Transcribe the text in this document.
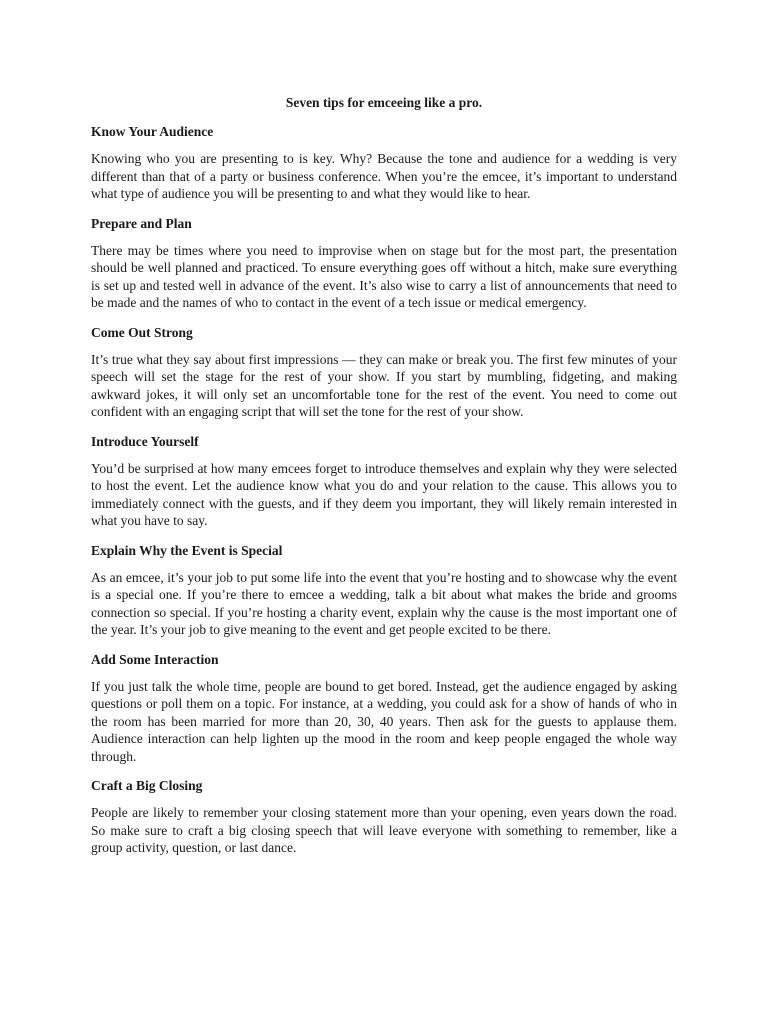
Seven tips for emceeing like a pro.
Know Your Audience

Knowing who you are presenting to is key. Why? Because the tone and audience for a wedding is very different than that of a party or business conference. When you’re the emcee, it’s important to understand what type of audience you will be presenting to and what they would like to hear.

Prepare and Plan

There may be times where you need to improvise when on stage but for the most part, the presentation should be well planned and practiced. To ensure everything goes off without a hitch, make sure everything is set up and tested well in advance of the event. It’s also wise to carry a list of announcements that need to be made and the names of who to contact in the event of a tech issue or medical emergency.

Come Out Strong

It’s true what they say about first impressions — they can make or break you. The first few minutes of your speech will set the stage for the rest of your show. If you start by mumbling, fidgeting, and making awkward jokes, it will only set an uncomfortable tone for the rest of the event. You need to come out confident with an engaging script that will set the tone for the rest of your show.

Introduce Yourself

You’d be surprised at how many emcees forget to introduce themselves and explain why they were selected to host the event. Let the audience know what you do and your relation to the cause. This allows you to immediately connect with the guests, and if they deem you important, they will likely remain interested in what you have to say.

Explain Why the Event is Special

As an emcee, it’s your job to put some life into the event that you’re hosting and to showcase why the event is a special one. If you’re there to emcee a wedding, talk a bit about what makes the bride and grooms connection so special. If you’re hosting a charity event, explain why the cause is the most important one of the year. It’s your job to give meaning to the event and get people excited to be there.

Add Some Interaction

If you just talk the whole time, people are bound to get bored. Instead, get the audience engaged by asking questions or poll them on a topic. For instance, at a wedding, you could ask for a show of hands of who in the room has been married for more than 20, 30, 40 years. Then ask for the guests to applause them. Audience interaction can help lighten up the mood in the room and keep people engaged the whole way through.

Craft a Big Closing

People are likely to remember your closing statement more than your opening, even years down the road. So make sure to craft a big closing speech that will leave everyone with something to remember, like a group activity, question, or last dance.
